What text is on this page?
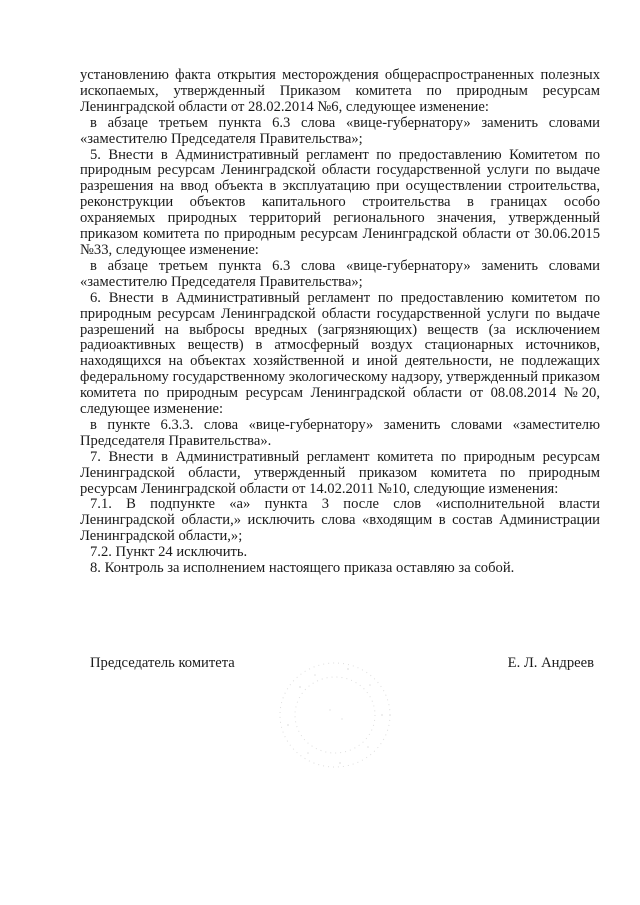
установлению факта открытия месторождения общераспространенных полезных ископаемых, утвержденный Приказом комитета по природным ресурсам Ленинградской области от 28.02.2014 №6, следующее изменение:

в абзаце третьем пункта 6.3 слова «вице-губернатору» заменить словами «заместителю Председателя Правительства»;

5. Внести в Административный регламент по предоставлению Комитетом по природным ресурсам Ленинградской области государственной услуги по выдаче разрешения на ввод объекта в эксплуатацию при осуществлении строительства, реконструкции объектов капитального строительства в границах особо охраняемых природных территорий регионального значения, утвержденный приказом комитета по природным ресурсам Ленинградской области от 30.06.2015 №33, следующее изменение:

в абзаце третьем пункта 6.3 слова «вице-губернатору» заменить словами «заместителю Председателя Правительства»;

6. Внести в Административный регламент по предоставлению комитетом по природным ресурсам Ленинградской области государственной услуги по выдаче разрешений на выбросы вредных (загрязняющих) веществ (за исключением радиоактивных веществ) в атмосферный воздух стационарных источников, находящихся на объектах хозяйственной и иной деятельности, не подлежащих федеральному государственному экологическому надзору, утвержденный приказом комитета по природным ресурсам Ленинградской области от 08.08.2014 №20, следующее изменение:

в пункте 6.3.3. слова «вице-губернатору» заменить словами «заместителю Председателя Правительства».

7. Внести в Административный регламент комитета по природным ресурсам Ленинградской области, утвержденный приказом комитета по природным ресурсам Ленинградской области от 14.02.2011 №10, следующие изменения:

7.1. В подпункте «а» пункта 3 после слов «исполнительной власти Ленинградской области,» исключить слова «входящим в состав Администрации Ленинградской области,»;

7.2. Пункт 24 исключить.

8. Контроль за исполнением настоящего приказа оставляю за собой.

Председатель комитета	Е. Л. Андреев
